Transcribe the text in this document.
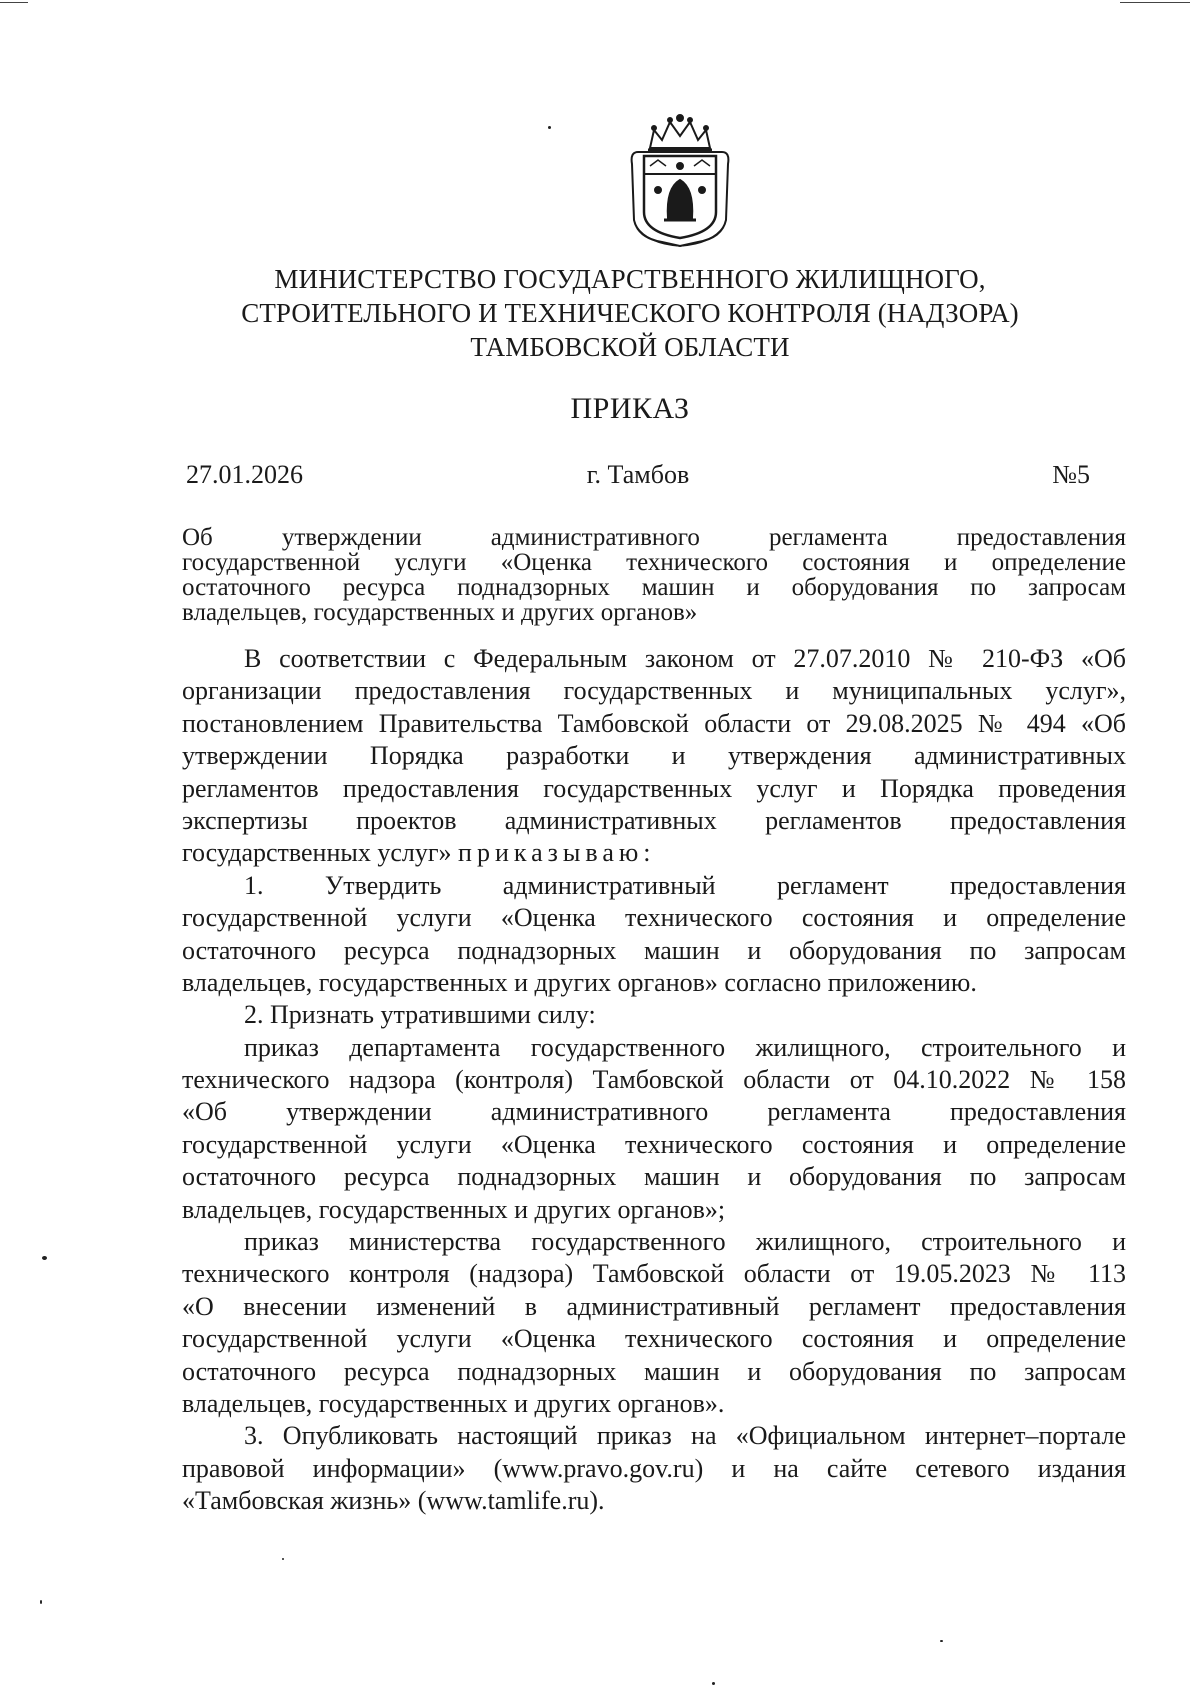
МИНИСТЕРСТВО ГОСУДАРСТВЕННОГО ЖИЛИЩНОГО,
СТРОИТЕЛЬНОГО И ТЕХНИЧЕСКОГО КОНТРОЛЯ (НАДЗОРА)
ТАМБОВСКОЙ ОБЛАСТИ
ПРИКАЗ
27.01.2026	г. Тамбов	№5
Об утверждении административного регламента предоставления
государственной услуги «Оценка технического состояния и определение
остаточного ресурса поднадзорных машин и оборудования по запросам
владельцев, государственных и других органов»
В соответствии с Федеральным законом от 27.07.2010 № 210-ФЗ «Об
организации предоставления государственных и муниципальных услуг»,
постановлением Правительства Тамбовской области от 29.08.2025 № 494 «Об
утверждении Порядка разработки и утверждения административных
регламентов предоставления государственных услуг и Порядка проведения
экспертизы проектов административных регламентов предоставления
государственных услуг» приказываю:
1. Утвердить административный регламент предоставления
государственной услуги «Оценка технического состояния и определение
остаточного ресурса поднадзорных машин и оборудования по запросам
владельцев, государственных и других органов» согласно приложению.
2. Признать утратившими силу:
приказ департамента государственного жилищного, строительного и
технического надзора (контроля) Тамбовской области от 04.10.2022 № 158
«Об утверждении административного регламента предоставления
государственной услуги «Оценка технического состояния и определение
остаточного ресурса поднадзорных машин и оборудования по запросам
владельцев, государственных и других органов»;
приказ министерства государственного жилищного, строительного и
технического контроля (надзора) Тамбовской области от 19.05.2023 № 113
«О внесении изменений в административный регламент предоставления
государственной услуги «Оценка технического состояния и определение
остаточного ресурса поднадзорных машин и оборудования по запросам
владельцев, государственных и других органов».
3. Опубликовать настоящий приказ на «Официальном интернет–портале
правовой информации» (www.pravo.gov.ru) и на сайте сетевого издания
«Тамбовская жизнь» (www.tamlife.ru).
